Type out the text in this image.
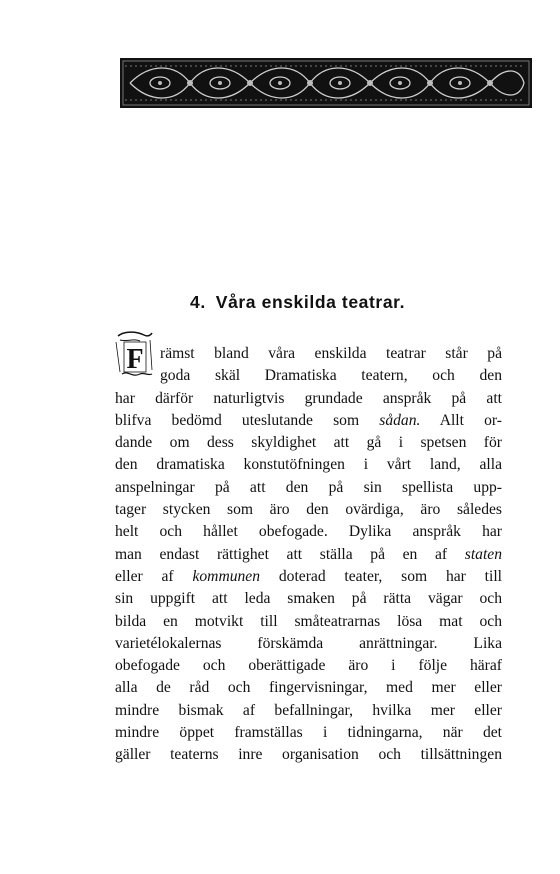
4. Våra enskilda teatrar.
F	rämst bland våra enskilda teatrar står på
goda skäl Dramatiska teatern, och den
har därför naturligtvis grundade anspråk på att
blifva bedömd uteslutande som sådan. Allt or-
dande om dess skyldighet att gå i spetsen för
den dramatiska konstutöfningen i vårt land, alla
anspelningar på att den på sin spellista upp-
tager stycken som äro den ovärdiga, äro således
helt och hållet obefogade. Dylika anspråk har
man endast rättighet att ställa på en af staten
eller af kommunen doterad teater, som har till
sin uppgift att leda smaken på rätta vägar och
bilda en motvikt till småteatrarnas lösa mat och
varietélokalernas förskämda anrättningar. Lika
obefogade och oberättigade äro i följe häraf
alla de råd och fingervisningar, med mer eller
mindre bismak af befallningar, hvilka mer eller
mindre öppet framställas i tidningarna, när det
gäller teaterns inre organisation och tillsättningen
